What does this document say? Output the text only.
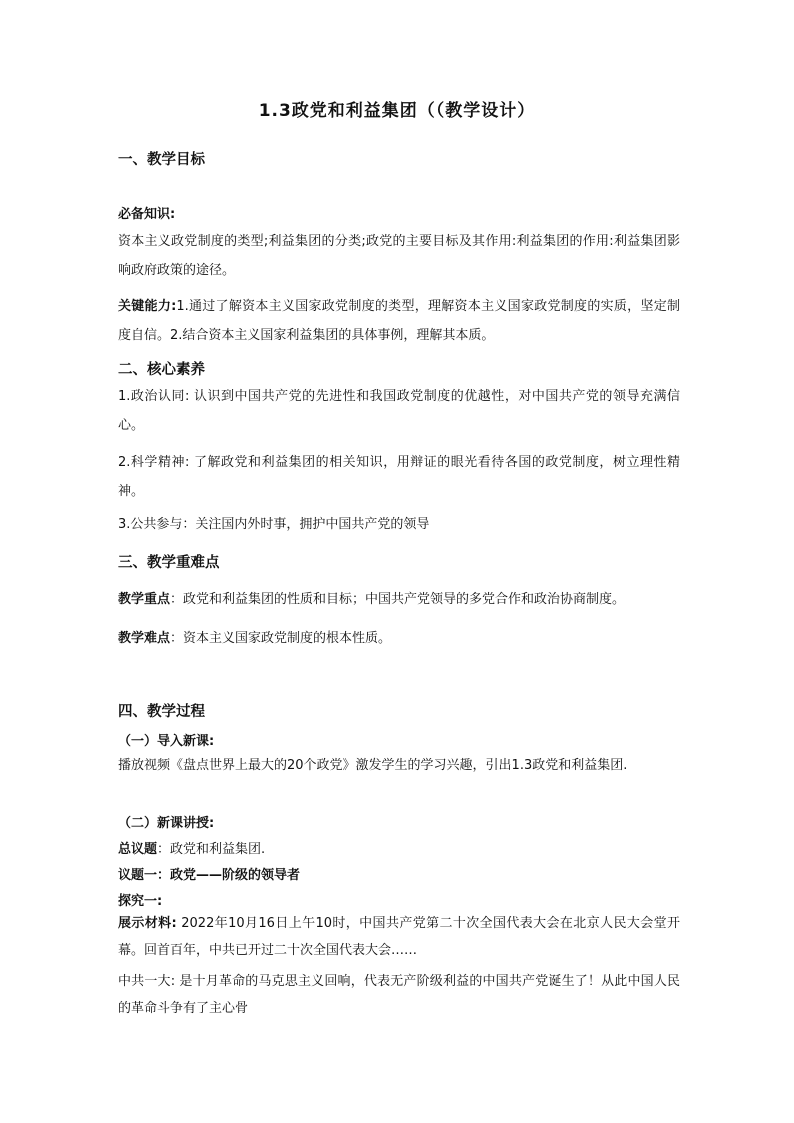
1.3政党和利益集团（（教学设计）
一、教学目标
必备知识:
资本主义政党制度的类型;利益集团的分类;政党的主要目标及其作用:利益集团的作用:利益集团影响政府政策的途径。
关键能力:1.通过了解资本主义国家政党制度的类型，理解资本主义国家政党制度的实质，坚定制度自信。2.结合资本主义国家利益集团的具体事例，理解其本质。
二、核心素养
1.政治认同: 认识到中国共产党的先进性和我国政党制度的优越性，对中国共产党的领导充满信心。
2.科学精神: 了解政党和利益集团的相关知识，用辩证的眼光看待各国的政党制度，树立理性精神。
3.公共参与：关注国内外时事，拥护中国共产党的领导
三、教学重难点
教学重点：政党和利益集团的性质和目标；中国共产党领导的多党合作和政治协商制度。
教学难点：资本主义国家政党制度的根本性质。
四、教学过程
（一）导入新课:
播放视频《盘点世界上最大的20个政党》激发学生的学习兴趣，引出1.3政党和利益集团.
（二）新课讲授:
总议题：政党和利益集团.
议题一：政党——阶级的领导者
探究一:
展示材料: 2022年10月16日上午10时，中国共产党第二十次全国代表大会在北京人民大会堂开幕。回首百年，中共已开过二十次全国代表大会……
中共一大: 是十月革命的马克思主义回响，代表无产阶级利益的中国共产党诞生了！从此中国人民的革命斗争有了主心骨
